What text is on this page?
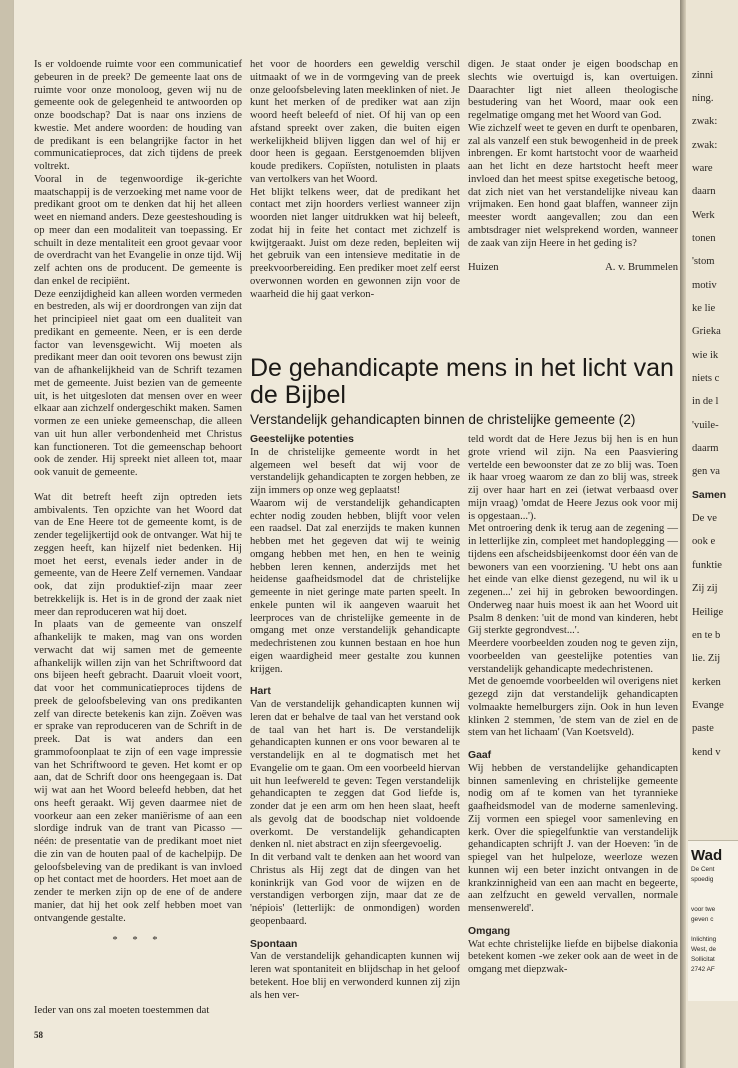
Is er voldoende ruimte voor een communicatief gebeuren in de preek? De gemeente laat ons de ruimte voor onze monoloog, geven wij nu de gemeente ook de gelegenheid te antwoorden op onze boodschap? Dat is naar ons inziens de kwestie. Met andere woorden: de houding van de predikant is een belangrijke factor in het communicatieproces, dat zich tijdens de preek voltrekt.

Vooral in de tegenwoordige ik-gerichte maatschappij is de verzoeking met name voor de predikant groot om te denken dat hij het alleen weet en niemand anders. Deze geesteshouding is op meer dan een modaliteit van toepassing. Er schuilt in deze mentaliteit een groot gevaar voor de overdracht van het Evangelie in onze tijd. Wij zelf achten ons de producent. De gemeente is dan enkel de recipiënt.

Deze eenzijdigheid kan alleen worden vermeden en bestreden, als wij er doordrongen van zijn dat het principieel niet gaat om een dualiteit van predikant en gemeente. Neen, er is een derde factor van levensgewicht. Wij moeten als predikant meer dan ooit tevoren ons bewust zijn van de afhankelijkheid van de Schrift tezamen met de gemeente. Juist bezien van de gemeente uit, is het uitgesloten dat mensen over en weer elkaar aan zichzelf ondergeschikt maken. Samen vormen ze een unieke gemeenschap, die alleen van uit hun aller verbondenheid met Christus kan functioneren. Tot die gemeenschap behoort ook de zender. Hij spreekt niet alleen tot, maar ook vanuit de gemeente.

Wat dit betreft heeft zijn optreden iets ambivalents. Ten opzichte van het Woord dat van de Ene Heere tot de gemeente komt, is de zender tegelijkertijd ook de ontvanger. Wat hij te zeggen heeft, kan hijzelf niet bedenken. Hij moet het eerst, evenals ieder ander in de gemeente, van de Heere Zelf vernemen. Vandaar ook, dat zijn produktief-zijn maar zeer betrekkelijk is. Het is in de grond der zaak niet meer dan reproduceren wat hij doet.

In plaats van de gemeente van onszelf afhankelijk te maken, mag van ons worden verwacht dat wij samen met de gemeente afhankelijk willen zijn van het Schriftwoord dat ons bijeen heeft gebracht. Daaruit vloeit voort, dat voor het communicatieproces tijdens de preek de geloofsbeleving van ons predikanten zelf van directe betekenis kan zijn. Zoëven was er sprake van reproduceren van de Schrift in de preek. Dat is wat anders dan een grammofoonplaat te zijn of een vage impressie van het Schriftwoord te geven. Het komt er op aan, dat de Schrift door ons heengegaan is. Dat wij wat aan het Woord beleefd hebben, dat het ons heeft geraakt. Wij geven daarmee niet de voorkeur aan een zeker maniërisme of aan een slordige indruk van de trant van Picasso — néén: de presentatie van de predikant moet niet die zin van de houten paal of de kachelpijp. De geloofsbeleving van de predikant is van invloed op het contact met de hoorders. Het moet aan de zender te merken zijn op de ene of de andere manier, dat hij het ook zelf hebben moet van ontvangende gestalte.

* * *
Ieder van ons zal moeten toestemmen dat

het voor de hoorders een geweldig verschil uitmaakt of we in de vormgeving van de preek onze geloofsbeleving laten meeklinken of niet. Je kunt het merken of de prediker wat aan zijn woord heeft beleefd of niet. Of hij van op een afstand spreekt over zaken, die buiten eigen werkelijkheid blijven liggen dan wel of hij er door heen is gegaan. Eerstgenoemden blijven koude predikers. Copiïsten, notulisten in plaats van vertolkers van het Woord.

Het blijkt telkens weer, dat de predikant het contact met zijn hoorders verliest wanneer zijn woorden niet langer uitdrukken wat hij beleeft, zodat hij in feite het contact met zichzelf is kwijtgeraakt. Juist om deze reden, bepleiten wij het gebruik van een intensieve meditatie in de preekvoorbereiding. Een prediker moet zelf eerst overwonnen worden en gewonnen zijn voor de waarheid die hij gaat verkon-

digen. Je staat onder je eigen boodschap en slechts wie overtuigd is, kan overtuigen. Daarachter ligt niet alleen theologische bestudering van het Woord, maar ook een regelmatige omgang met het Woord van God.

Wie zichzelf weet te geven en durft te openbaren, zal als vanzelf een stuk bewogenheid in de preek inbrengen. Er komt hartstocht voor de waarheid aan het licht en deze hartstocht heeft meer invloed dan het meest spitse exegetische betoog, dat zich niet van het verstandelijke niveau kan vrijmaken. Een hond gaat blaffen, wanneer zijn meester wordt aangevallen; zou dan een ambtsdrager niet welsprekend worden, wanneer de zaak van zijn Heere in het geding is?

Huizen	A. v. Brummelen
De gehandicapte mens in het licht van de Bijbel
Verstandelijk gehandicapten binnen de christelijke gemeente (2)
Geestelijke potenties

In de christelijke gemeente wordt in het algemeen wel beseft dat wij voor de verstandelijk gehandicapten te zorgen hebben, ze zijn immers op onze weg geplaatst!

Waarom wij de verstandelijk gehandicapten echter nodig zouden hebben, blijft voor velen een raadsel. Dat zal enerzijds te maken kunnen hebben met het gegeven dat wij te weinig omgang hebben met hen, en hen te weinig hebben leren kennen, anderzijds met het heidense gaafheidsmodel dat de christelijke gemeente in niet geringe mate parten speelt. In enkele punten wil ik aangeven waaruit het leerproces van de christelijke gemeente in de omgang met onze verstandelijk gehandicapte medechristenen zou kunnen bestaan en hoe hun eigen waardigheid meer gestalte zou kunnen krijgen.

Hart

Van de verstandelijk gehandicapten kunnen wij leren dat er behalve de taal van het verstand ook de taal van het hart is. De verstandelijk gehandicapten kunnen er ons voor bewaren al te verstandelijk en al te dogmatisch met het Evangelie om te gaan. Om een voorbeeld hiervan uit hun leefwereld te geven: Tegen verstandelijk gehandicapten te zeggen dat God liefde is, zonder dat je een arm om hen heen slaat, heeft als gevolg dat de boodschap niet voldoende overkomt. De verstandelijk gehandicapten denken nl. niet abstract en zijn sfeergevoelig.

In dit verband valt te denken aan het woord van Christus als Hij zegt dat de dingen van het koninkrijk van God voor de wijzen en de verstandigen verborgen zijn, maar dat ze de 'népiois' (letterlijk: de onmondigen) worden geopenbaard.

Spontaan

Van de verstandelijk gehandicapten kunnen wij leren wat spontaniteit en blijdschap in het geloof betekent. Hoe blij en verwonderd kunnen zij zijn als hen ver-

teld wordt dat de Here Jezus bij hen is en hun grote vriend wil zijn. Na een Paasviering vertelde een bewoonster dat ze zo blij was. Toen ik haar vroeg waarom ze dan zo blij was, streek zij over haar hart en zei (ietwat verbaasd over mijn vraag) 'omdat de Heere Jezus ook voor mij is opgestaan...').

Met ontroering denk ik terug aan de zegening — in letterlijke zin, compleet met handoplegging — tijdens een afscheidsbijeenkomst door één van de bewoners van een voorziening. 'U hebt ons aan het einde van elke dienst gezegend, nu wil ik u zegenen...' zei hij in gebroken bewoordingen. Onderweg naar huis moest ik aan het Woord uit Psalm 8 denken: 'uit de mond van kinderen, hebt Gij sterkte gegrondvest...'.

Meerdere voorbeelden zouden nog te geven zijn, voorbeelden van geestelijke potenties van verstandelijk gehandicapte medechristenen.

Met de genoemde voorbeelden wil overigens niet gezegd zijn dat verstandelijk gehandicapten volmaakte hemelburgers zijn. Ook in hun leven klinken 2 stemmen, 'de stem van de ziel en de stem van het lichaam' (Van Koetsveld).

Gaaf

Wij hebben de verstandelijke gehandicapten binnen samenleving en christelijke gemeente nodig om af te komen van het tyrannieke gaafheidsmodel van de moderne samenleving. Zij vormen een spiegel voor samenleving en kerk. Over die spiegelfunktie van verstandelijk gehandicapten schrijft J. van der Hoeven: 'in de spiegel van het hulpeloze, weerloze wezen kunnen wij een beter inzicht ontvangen in de krankzinnigheid van een aan macht en begeerte, aan zelfzucht en geweld vervallen, normale mensenwereld'.

Omgang

Wat echte christelijke liefde en bijbelse diakonia betekent komen -we zeker ook aan de weet in de omgang met diepzwak-

58

zinni

ning.

zwak:

zwak:

ware

daarn

Werk

tonen

'stom

motiv

ke lie

Grieka

wie ik

niets c

in de l

'vuile-

daarm

gen va

Samen

De ve

ook e

funktie

Zij zij

Heilige

en te b

lie. Zij

kerken

Evange

paste

kend v

Wad
De Cent
spoedig

voor twe
geven c

Inlichting
West, de
Sollicitat
2742 AF
